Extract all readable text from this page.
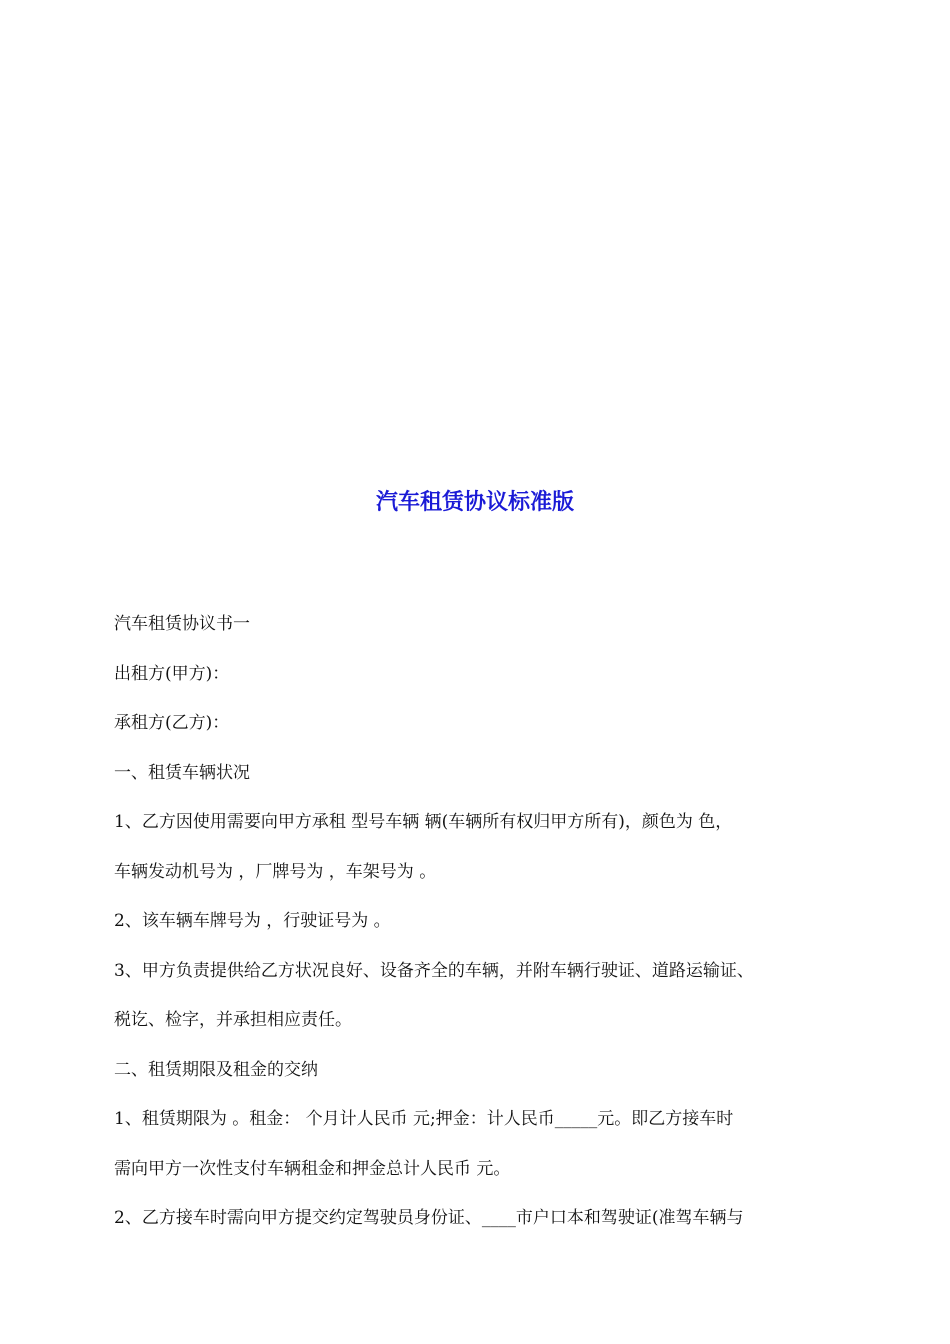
汽车租赁协议标准版

汽车租赁协议书一

出租方(甲方)：

承租方(乙方)：

一、租赁车辆状况

1、乙方因使用需要向甲方承租 型号车辆 辆(车辆所有权归甲方所有)，颜色为 色，

车辆发动机号为 ，厂牌号为 ，车架号为 。

2、该车辆车牌号为 ，行驶证号为 。

3、甲方负责提供给乙方状况良好、设备齐全的车辆，并附车辆行驶证、道路运输证、

税讫、检字，并承担相应责任。

二、租赁期限及租金的交纳

1、租赁期限为 。租金： 个月计人民币 元;押金：计人民币_____元。即乙方接车时

需向甲方一次性支付车辆租金和押金总计人民币 元。

2、乙方接车时需向甲方提交约定驾驶员身份证、____市户口本和驾驶证(准驾车辆与
